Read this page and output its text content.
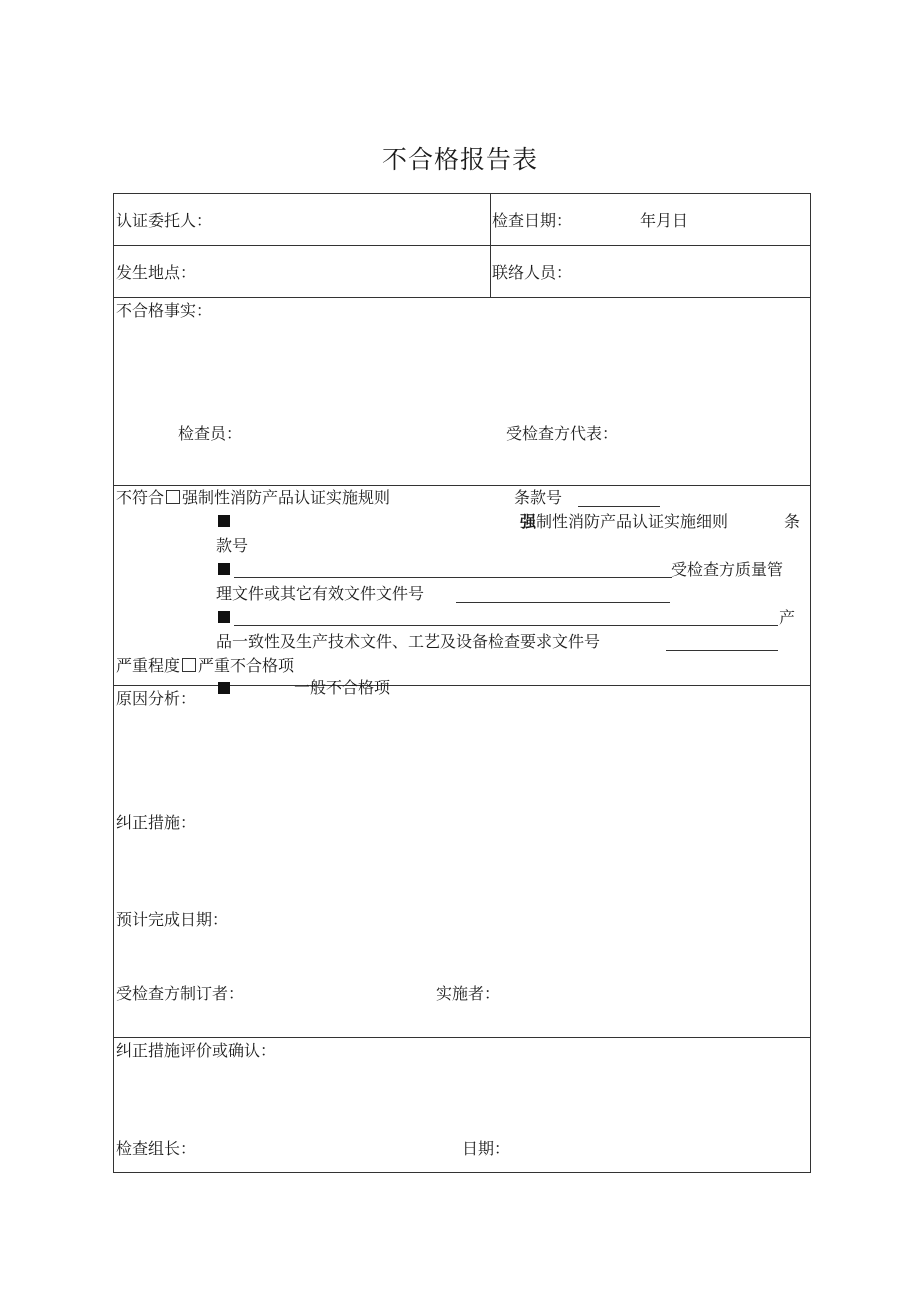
不合格报告表
认证委托人：	检查日期：	年月日
发生地点：	联络人员：
不合格事实：
检查员：	受检查方代表：
不符合 强制性消防产品认证实施规则	条款号
强制性消防产品认证实施细则	条
款号
受检查方质量管
理文件或其它有效文件文件号
产
品一致性及生产技术文件、工艺及设备检查要求文件号
严重程度 严重不合格项
一般不合格项
原因分析：
纠正措施：
预计完成日期：
受检查方制订者：	实施者：
纠正措施评价或确认：
检查组长：	日期：
